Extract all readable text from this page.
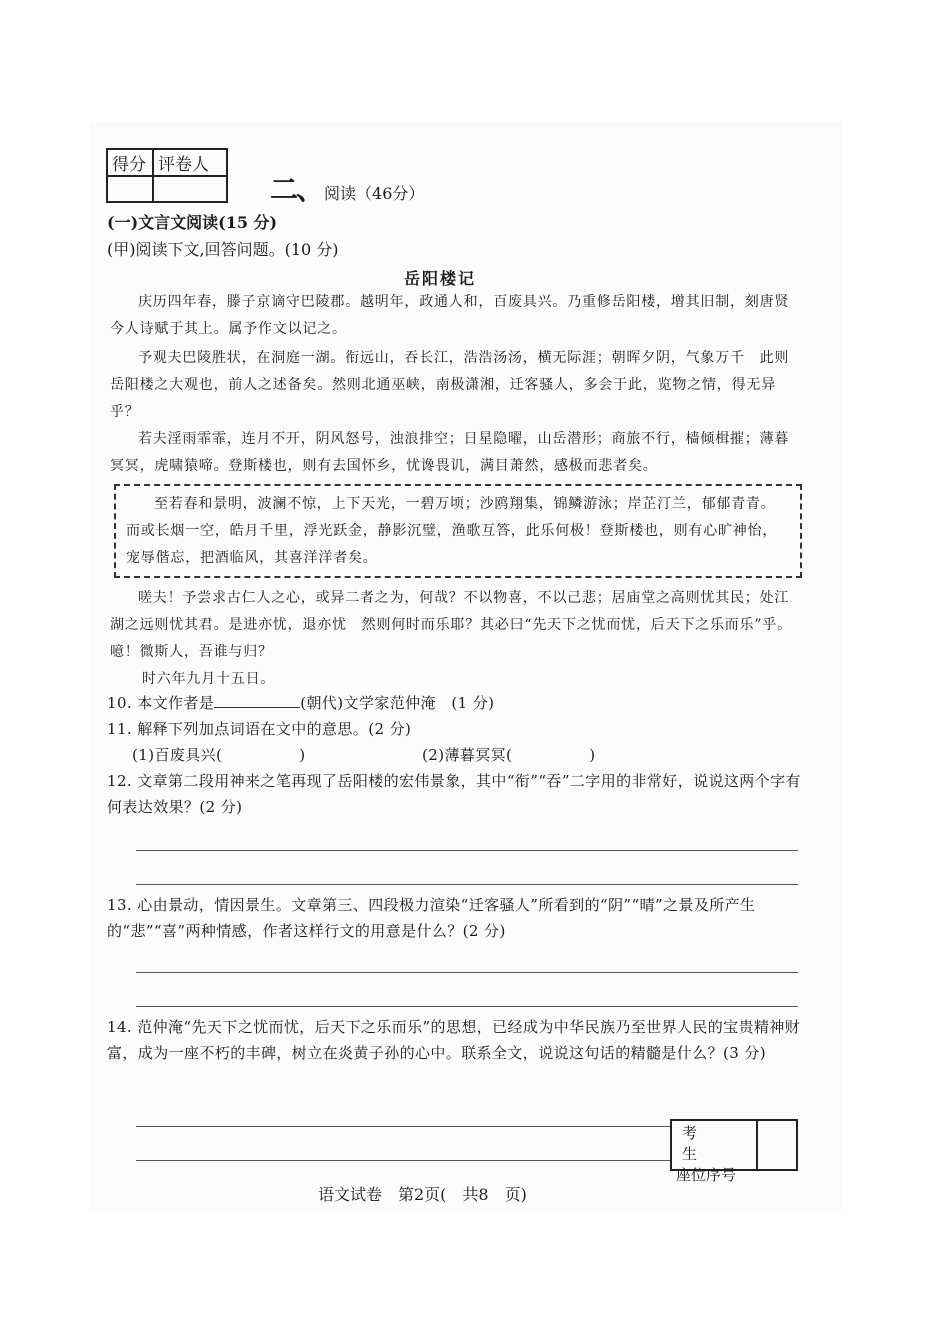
得分	评卷人

二、 阅读（46分）
(一)文言文阅读(15 分)
(甲)阅读下文,回答问题。(10 分)
岳阳楼记
庆历四年春，滕子京谪守巴陵郡。越明年，政通人和，百废具兴。乃重修岳阳楼，增其旧制，刻唐贤今人诗赋于其上。属予作文以记之。
予观夫巴陵胜状，在洞庭一湖。衔远山，吞长江，浩浩汤汤，横无际涯；朝晖夕阴，气象万千　此则岳阳楼之大观也，前人之述备矣。然则北通巫峡，南极潇湘，迁客骚人，多会于此，览物之情，得无异乎？
若夫淫雨霏霏，连月不开，阴风怒号，浊浪排空；日星隐曜，山岳潜形；商旅不行，樯倾楫摧；薄暮冥冥，虎啸猿啼。登斯楼也，则有去国怀乡，忧谗畏讥，满目萧然，感极而悲者矣。
至若春和景明，波澜不惊，上下天光，一碧万顷；沙鸥翔集，锦鳞游泳；岸芷汀兰，郁郁青青。而或长烟一空，皓月千里，浮光跃金，静影沉璧，渔歌互答，此乐何极！登斯楼也，则有心旷神怡，宠辱偕忘，把酒临风，其喜洋洋者矣。
嗟夫！予尝求古仁人之心，或异二者之为，何哉？不以物喜，不以己悲；居庙堂之高则忧其民；处江湖之远则忧其君。是进亦忧，退亦忧　然则何时而乐耶？其必曰“先天下之忧而忧，后天下之乐而乐”乎。噫！微斯人，吾谁与归？
时六年九月十五日。
10. 本文作者是	(朝代)文学家范仲淹　(1 分)
11. 解释下列加点词语在文中的意思。(2 分)
(1)百废具兴(　　　　　)	(2)薄暮冥冥(　　　　　)
12. 文章第二段用神来之笔再现了岳阳楼的宏伟景象，其中“衔”“吞”二字用的非常好，说说这两个字有何表达效果？(2 分)
13. 心由景动，情因景生。文章第三、四段极力渲染“迁客骚人”所看到的“阴”“晴”之景及所产生的“悲”“喜”两种情感，作者这样行文的用意是什么？(2 分)
14. 范仲淹“先天下之忧而忧，后天下之乐而乐”的思想，已经成为中华民族乃至世界人民的宝贵精神财富，成为一座不朽的丰碑，树立在炎黄子孙的心中。联系全文，说说这句话的精髓是什么？(3 分)
考生
座位序号
语文试卷　第2页(　共8　页)
